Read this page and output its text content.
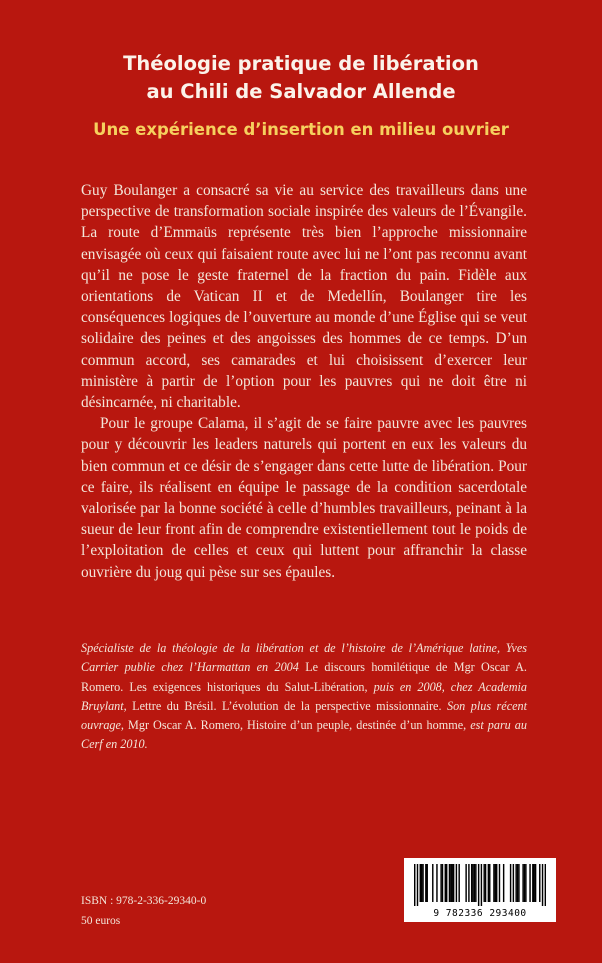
Théologie pratique de libération
au Chili de Salvador Allende
Une expérience d’insertion en milieu ouvrier

Guy Boulanger a consacré sa vie au service des travailleurs dans une perspective de transformation sociale inspirée des valeurs de l’Évangile. La route d’Emmaüs représente très bien l’approche missionnaire envisagée où ceux qui faisaient route avec lui ne l’ont pas reconnu avant qu’il ne pose le geste fraternel de la fraction du pain. Fidèle aux orientations de Vatican II et de Medellín, Boulanger tire les conséquences logiques de l’ouverture au monde d’une Église qui se veut solidaire des peines et des angoisses des hommes de ce temps. D’un commun accord, ses camarades et lui choisissent d’exercer leur ministère à partir de l’option pour les pauvres qui ne doit être ni désincarnée, ni charitable.

Pour le groupe Calama, il s’agit de se faire pauvre avec les pauvres pour y découvrir les leaders naturels qui portent en eux les valeurs du bien commun et ce désir de s’engager dans cette lutte de libération. Pour ce faire, ils réalisent en équipe le passage de la condition sacerdotale valorisée par la bonne société à celle d’humbles travailleurs, peinant à la sueur de leur front afin de comprendre existentiellement tout le poids de l’exploitation de celles et ceux qui luttent pour affranchir la classe ouvrière du joug qui pèse sur ses épaules.

Spécialiste de la théologie de la libération et de l’histoire de l’Amérique latine, Yves Carrier publie chez l’Harmattan en 2004 Le discours homilétique de Mgr Oscar A. Romero. Les exigences historiques du Salut-Libération, puis en 2008, chez Academia Bruylant, Lettre du Brésil. L’évolution de la perspective missionnaire. Son plus récent ouvrage, Mgr Oscar A. Romero, Histoire d’un peuple, destinée d’un homme, est paru au Cerf en 2010.
ISBN : 978-2-336-29340-0
50 euros
9 782336 293400
